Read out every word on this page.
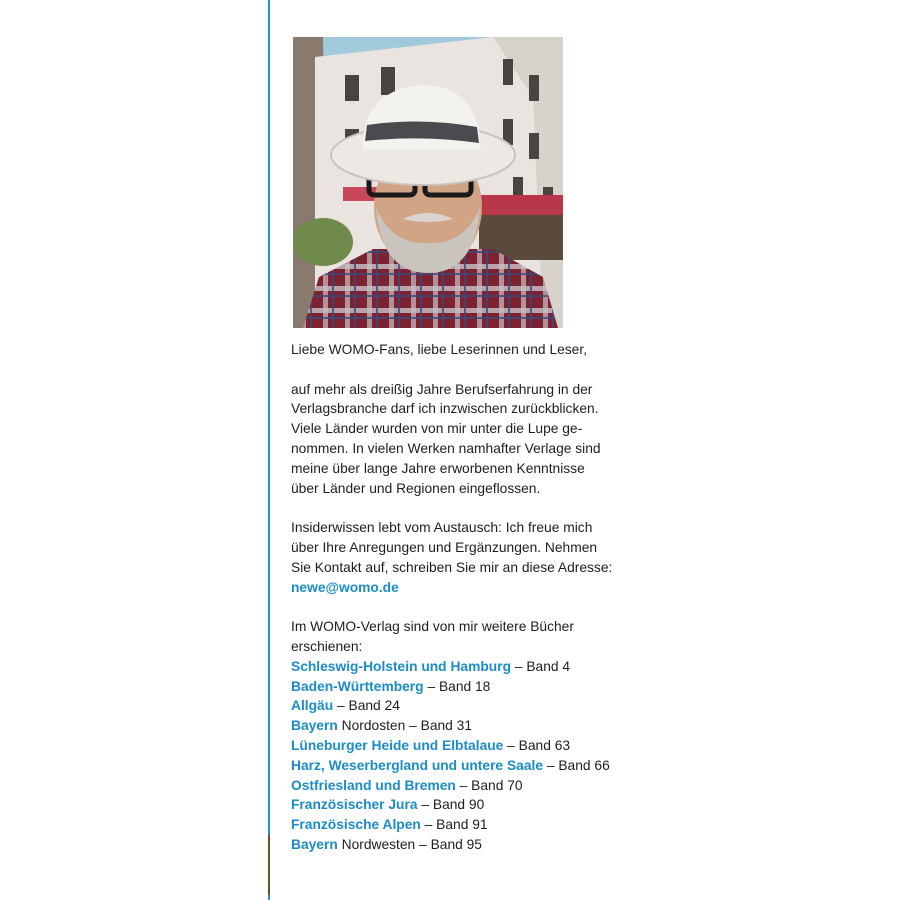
Liebe WOMO-Fans, liebe Leserinnen und Leser,

auf mehr als dreißig Jahre Berufserfahrung in der

Verlagsbranche darf ich inzwischen zurückblicken.

Viele Länder wurden von mir unter die Lupe ge-

nommen. In vielen Werken namhafter Verlage sind

meine über lange Jahre erworbenen Kenntnisse

über Länder und Regionen eingeflossen.

Insiderwissen lebt vom Austausch: Ich freue mich

über Ihre Anregungen und Ergänzungen. Nehmen

Sie Kontakt auf, schreiben Sie mir an diese Adresse:

newe@womo.de

Im WOMO-Verlag sind von mir weitere Bücher

erschienen:

Schleswig-Holstein und Hamburg – Band 4

Baden-Württemberg – Band 18

Allgäu – Band 24

Bayern Nordosten – Band 31

Lüneburger Heide und Elbtalaue – Band 63

Harz, Weserbergland und untere Saale – Band 66

Ostfriesland und Bremen – Band 70

Französischer Jura – Band 90

Französische Alpen – Band 91

Bayern Nordwesten – Band 95
